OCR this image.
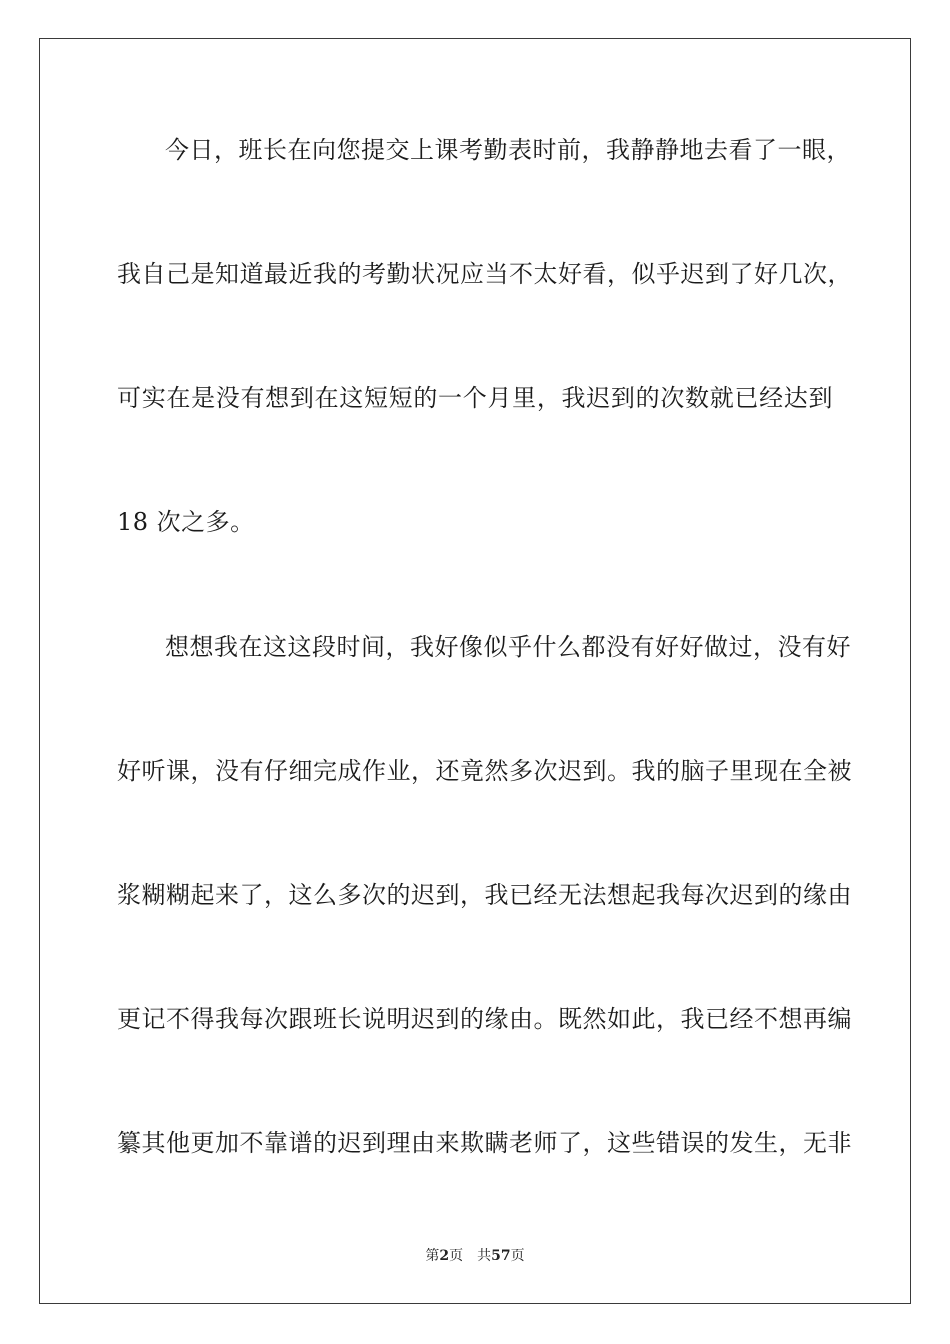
今日，班长在向您提交上课考勤表时前，我静静地去看了一眼，
我自己是知道最近我的考勤状况应当不太好看，似乎迟到了好几次，
可实在是没有想到在这短短的一个月里，我迟到的次数就已经达到
18 次之多。
想想我在这这段时间，我好像似乎什么都没有好好做过，没有好
好听课，没有仔细完成作业，还竟然多次迟到。我的脑子里现在全被
浆糊糊起来了，这么多次的迟到，我已经无法想起我每次迟到的缘由
更记不得我每次跟班长说明迟到的缘由。既然如此，我已经不想再编
纂其他更加不靠谱的迟到理由来欺瞒老师了，这些错误的发生，无非
第2页 共57页
